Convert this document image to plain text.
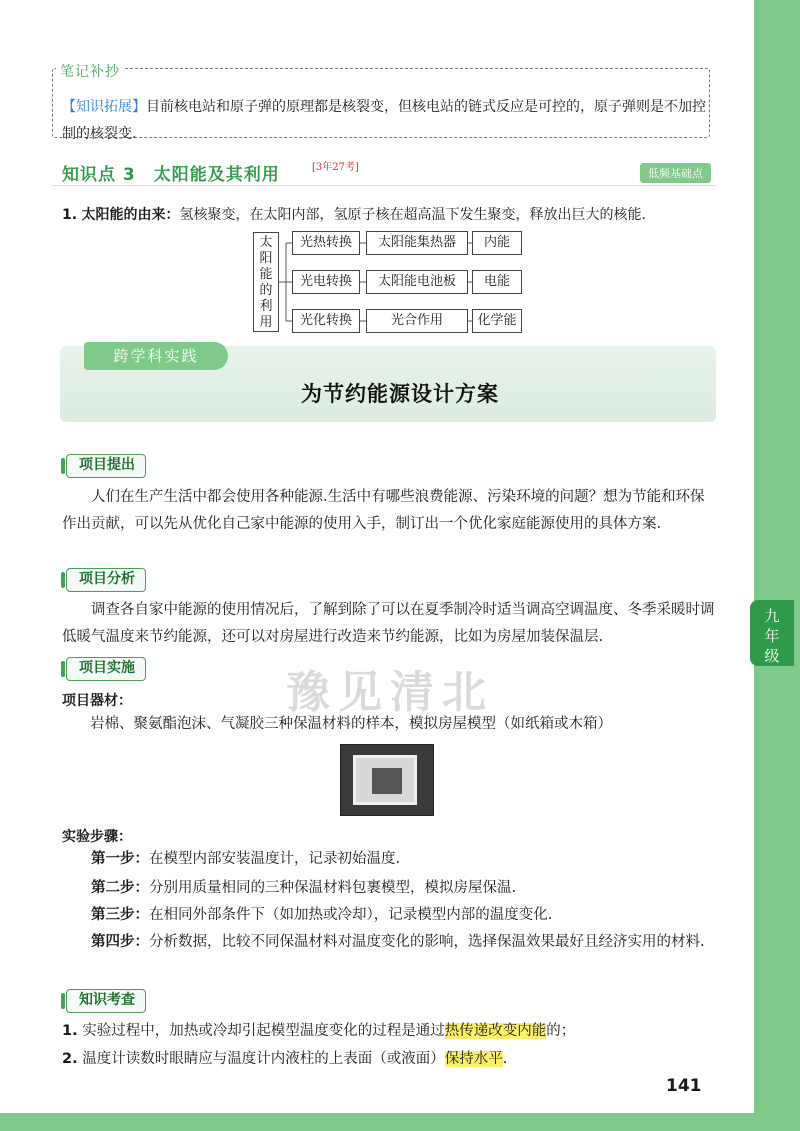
九年级
笔记补抄
【知识拓展】目前核电站和原子弹的原理都是核裂变，但核电站的链式反应是可控的，原子弹则是不加控制的核裂变.
知识点 3　太阳能及其利用	[3年27考]	低频基础点
1. 太阳能的由来：氢核聚变，在太阳内部，氢原子核在超高温下发生聚变，释放出巨大的核能.
太阳能的利用
光热转换	太阳能集热器	内能
光电转换	太阳能电池板	电能
光化转换	光合作用	化学能
跨学科实践
为节约能源设计方案
豫见清北
项目提出
人们在生产生活中都会使用各种能源.生活中有哪些浪费能源、污染环境的问题？想为节能和环保作出贡献，可以先从优化自己家中能源的使用入手，制订出一个优化家庭能源使用的具体方案.
项目分析
调查各自家中能源的使用情况后，了解到除了可以在夏季制冷时适当调高空调温度、冬季采暖时调低暖气温度来节约能源，还可以对房屋进行改造来节约能源，比如为房屋加装保温层.
项目实施
项目器材：
岩棉、聚氨酯泡沫、气凝胶三种保温材料的样本，模拟房屋模型（如纸箱或木箱）
实验步骤：
第一步：在模型内部安装温度计，记录初始温度.
第二步：分别用质量相同的三种保温材料包裹模型，模拟房屋保温.
第三步：在相同外部条件下（如加热或冷却），记录模型内部的温度变化.
第四步：分析数据，比较不同保温材料对温度变化的影响，选择保温效果最好且经济实用的材料.
知识考查
1. 实验过程中，加热或冷却引起模型温度变化的过程是通过热传递改变内能的；
2. 温度计读数时眼睛应与温度计内液柱的上表面（或液面）保持水平.
141
